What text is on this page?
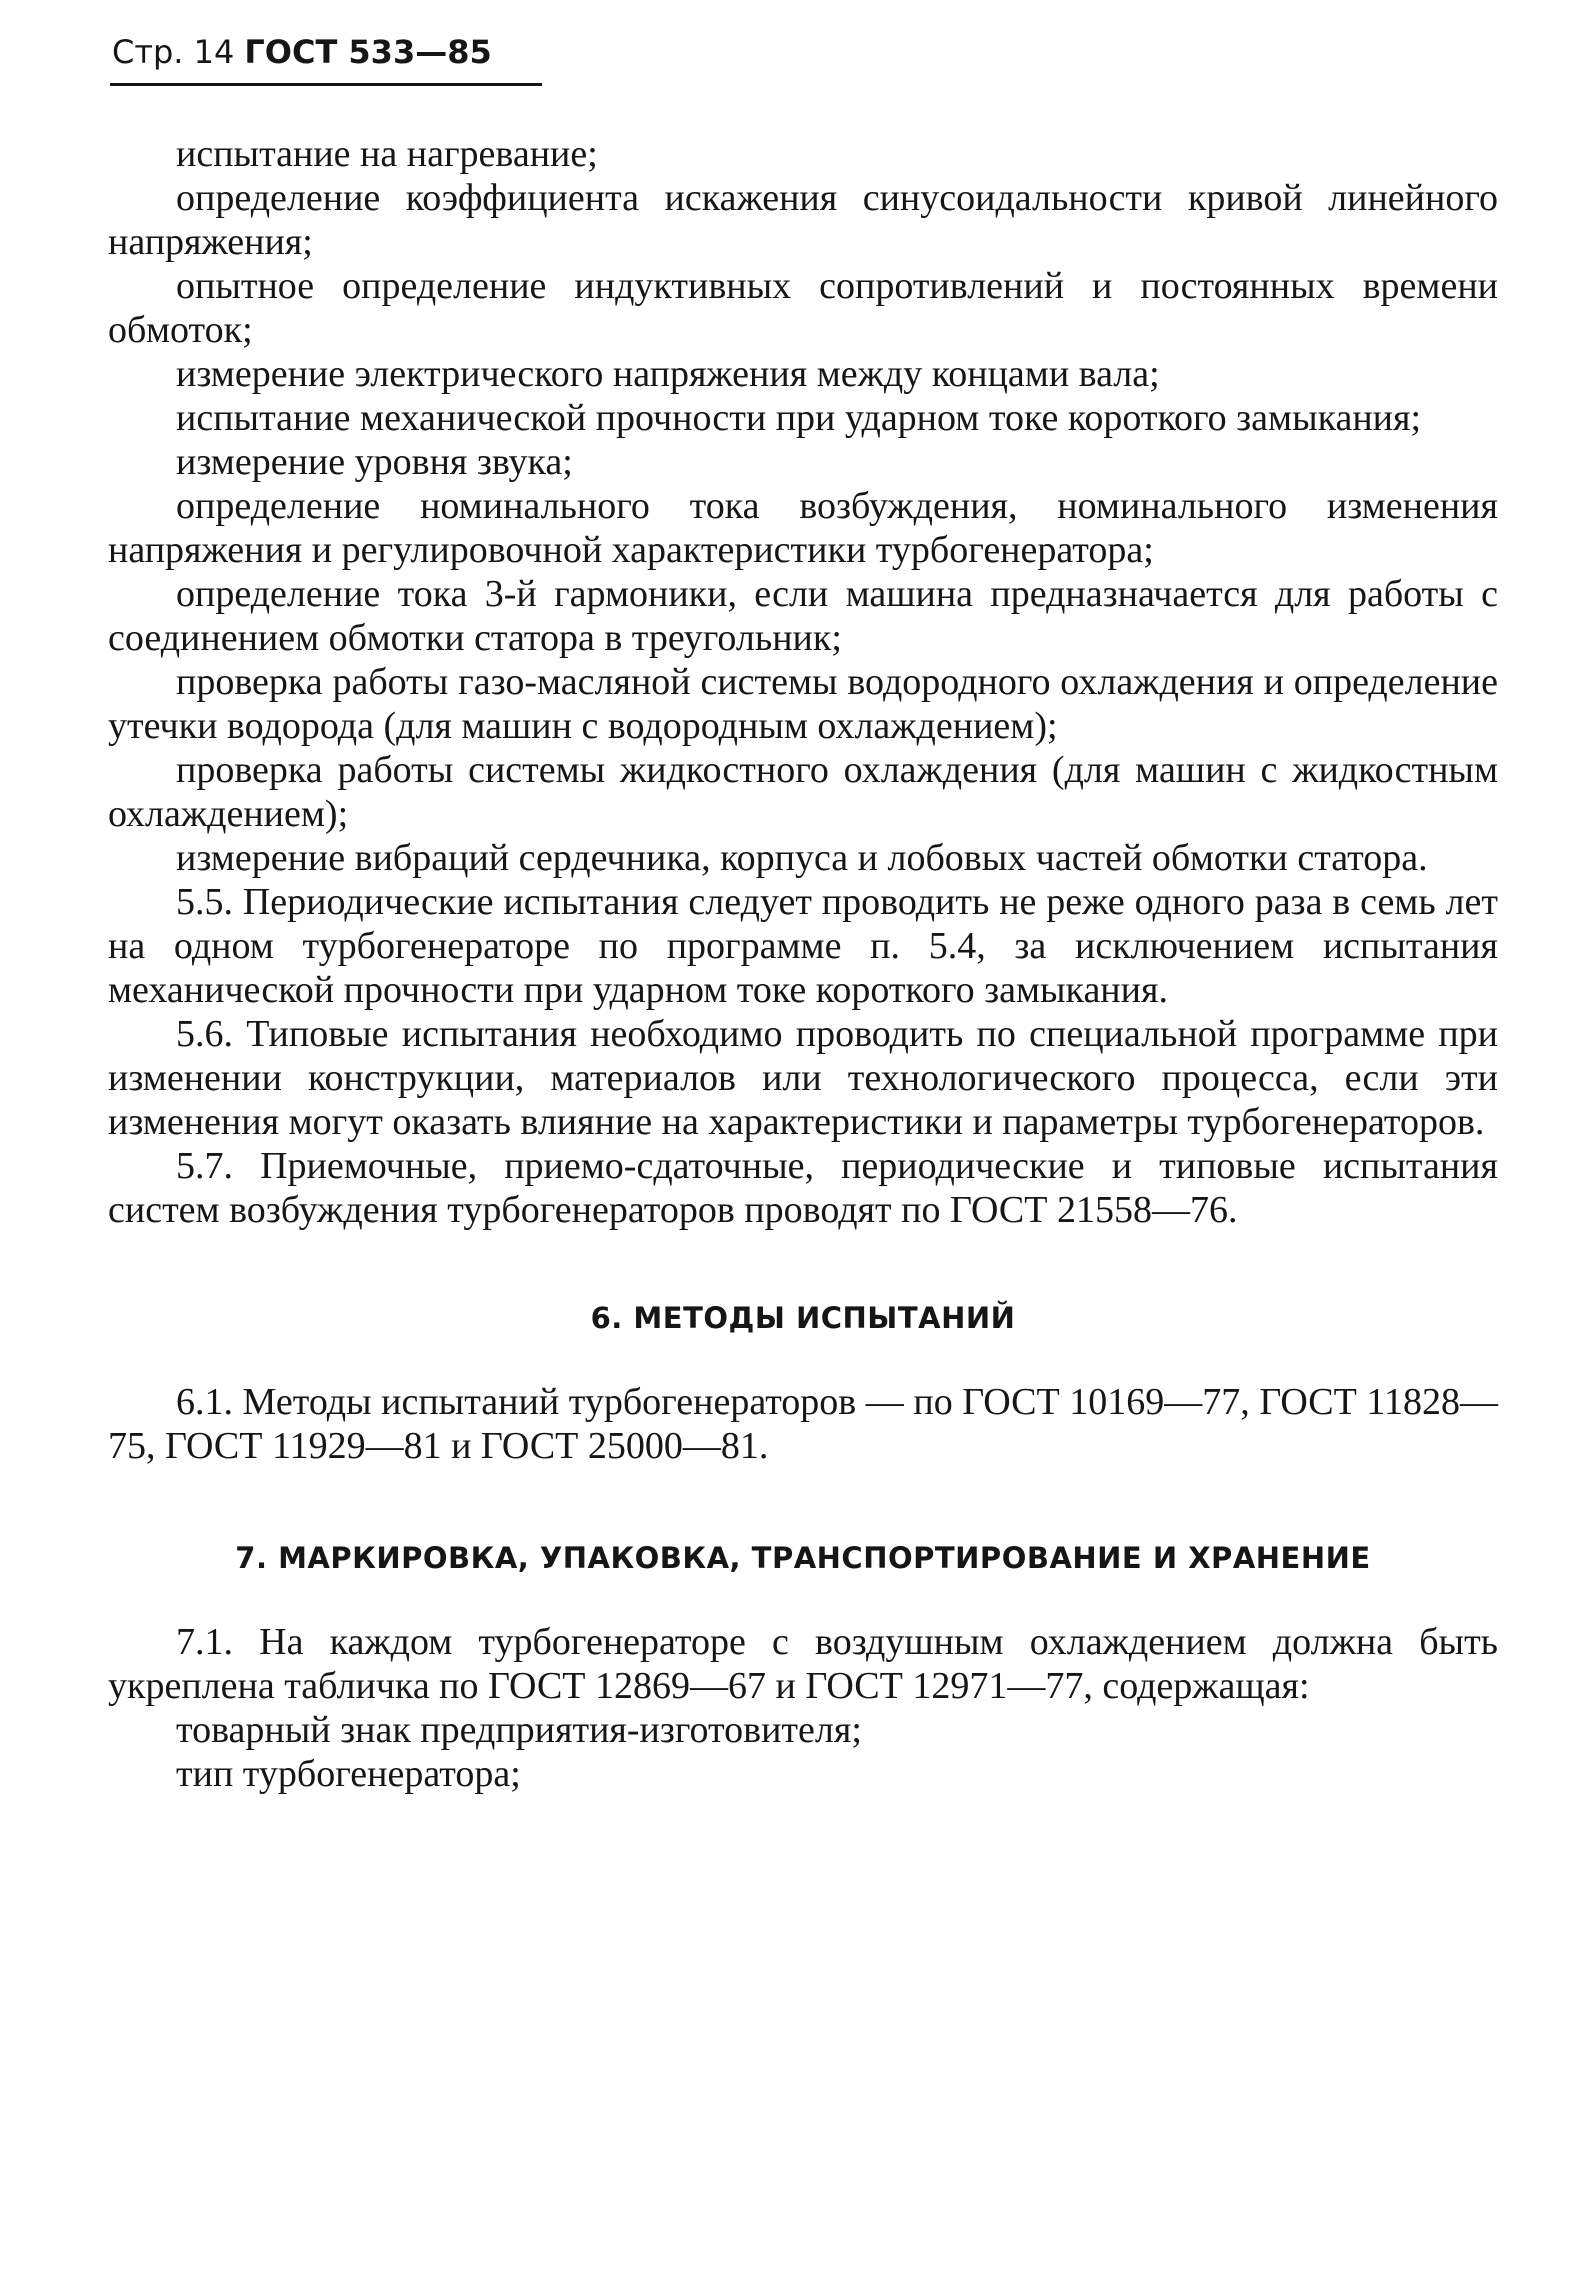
Стр. 14 ГОСТ 533—85

испытание на нагревание;

определение коэффициента искажения синусоидальности кривой линейного напряжения;

опытное определение индуктивных сопротивлений и постоянных времени обмоток;

измерение электрического напряжения между концами вала;

испытание механической прочности при ударном токе короткого замыкания;

измерение уровня звука;

определение номинального тока возбуждения, номинального изменения напряжения и регулировочной характеристики турбогенератора;

определение тока 3-й гармоники, если машина предназначается для работы с соединением обмотки статора в треугольник;

проверка работы газо-масляной системы водородного охлаждения и определение утечки водорода (для машин с водородным охлаждением);

проверка работы системы жидкостного охлаждения (для машин с жидкостным охлаждением);

измерение вибраций сердечника, корпуса и лобовых частей обмотки статора.

5.5. Периодические испытания следует проводить не реже одного раза в семь лет на одном турбогенераторе по программе п. 5.4, за исключением испытания механической прочности при ударном токе короткого замыкания.

5.6. Типовые испытания необходимо проводить по специальной программе при изменении конструкции, материалов или технологического процесса, если эти изменения могут оказать влияние на характеристики и параметры турбогенераторов.

5.7. Приемочные, приемо-сдаточные, периодические и типовые испытания систем возбуждения турбогенераторов проводят по ГОСТ 21558—76.

6. МЕТОДЫ ИСПЫТАНИЙ

6.1. Методы испытаний турбогенераторов — по ГОСТ 10169—77, ГОСТ 11828—75, ГОСТ 11929—81 и ГОСТ 25000—81.

7. МАРКИРОВКА, УПАКОВКА, ТРАНСПОРТИРОВАНИЕ И ХРАНЕНИЕ

7.1. На каждом турбогенераторе с воздушным охлаждением должна быть укреплена табличка по ГОСТ 12869—67 и ГОСТ 12971—77, содержащая:

товарный знак предприятия-изготовителя;

тип турбогенератора;
